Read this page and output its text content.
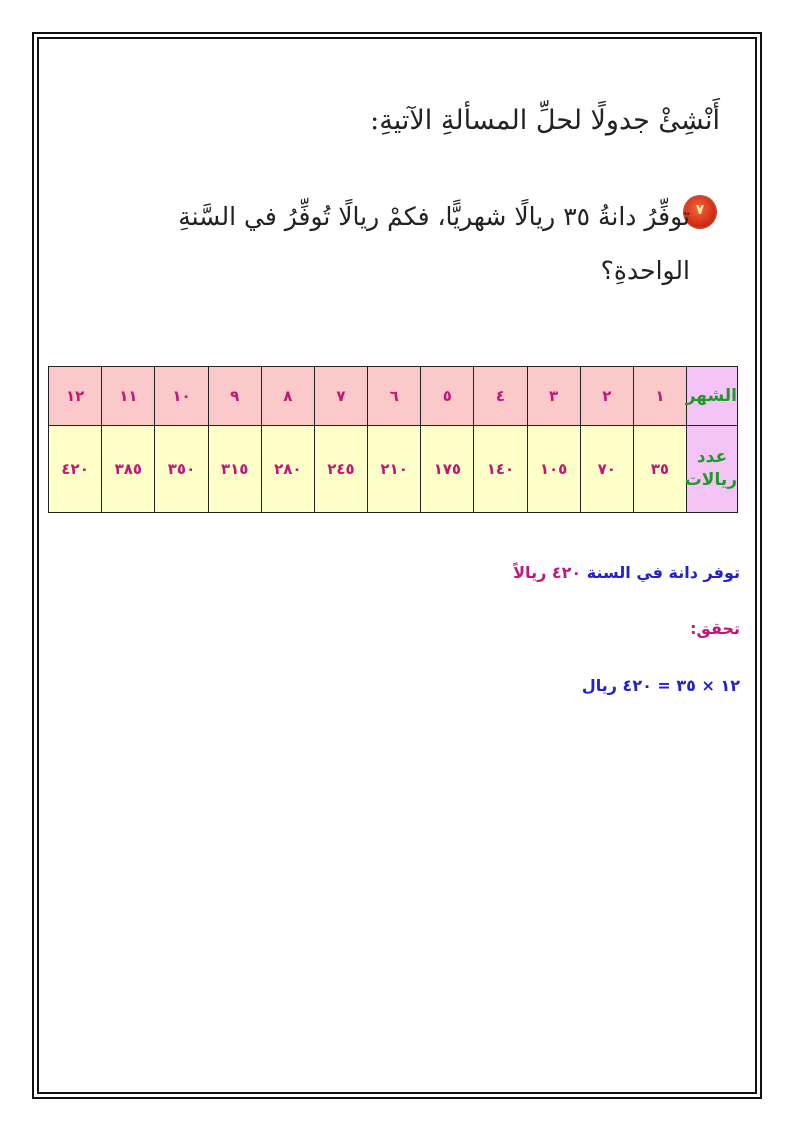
أَنْشِئْ جدولًا لحلِّ المسألةِ الآتيةِ:
٧
توفِّرُ دانةُ ٣٥ ريالًا شهريًّا، فكمْ ريالًا تُوفِّرُ في السَّنةِ الواحدةِ؟
الشهر	١	٢	٣	٤	٥	٦	٧	٨	٩	١٠	١١	١٢
عدد ريالات	٣٥	٧٠	١٠٥	١٤٠	١٧٥	٢١٠	٢٤٥	٢٨٠	٣١٥	٣٥٠	٣٨٥	٤٢٠
توفر دانة في السنة ٤٢٠ ريالاً
تحقق:
١٢ × ٣٥ = ٤٢٠ ريال
